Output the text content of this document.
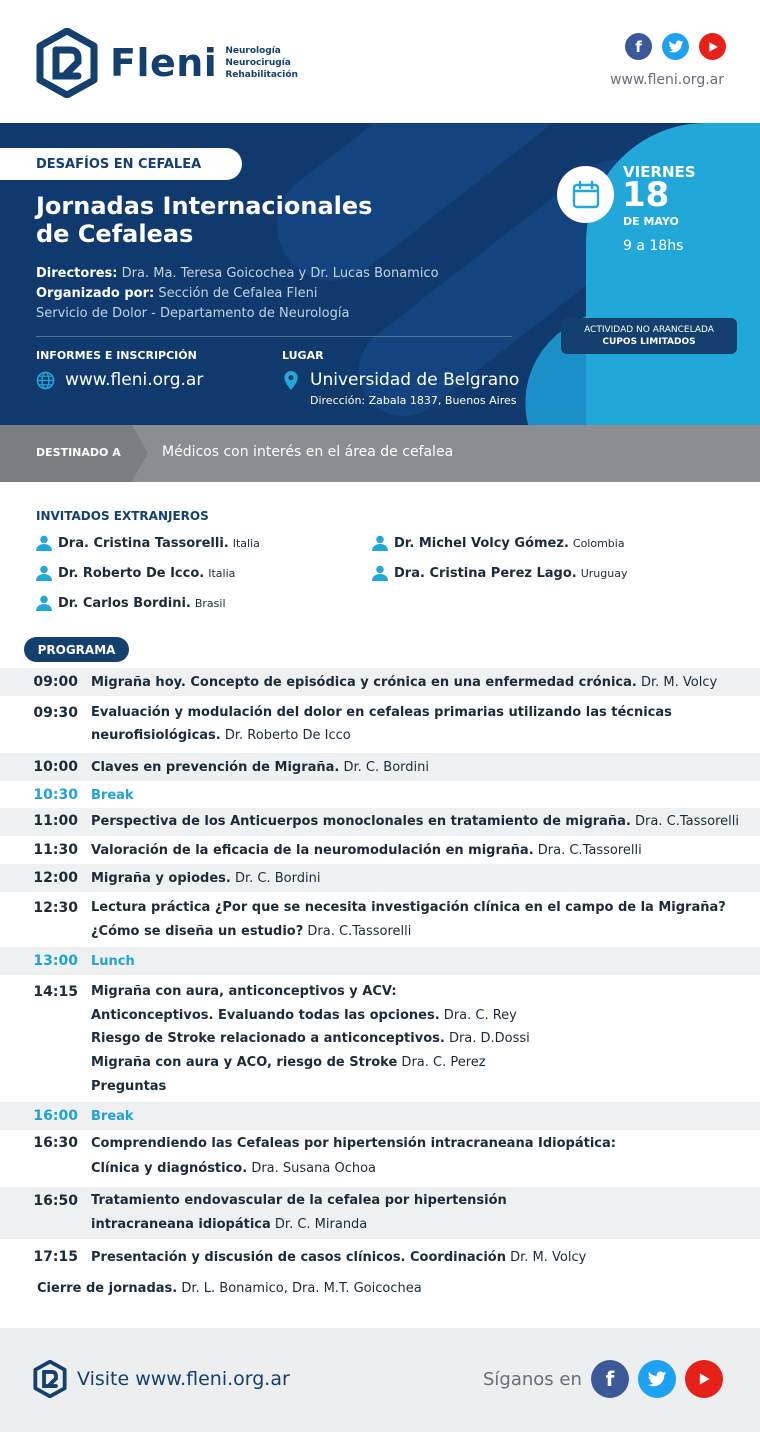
Fleni Neurología
Neurocirugía
Rehabilitación
f
www.fleni.org.ar
DESAFÍOS EN CEFALEA
Jornadas Internacionales
de Cefaleas
Directores: Dra. Ma. Teresa Goicochea y Dr. Lucas Bonamico
Organizado por: Sección de Cefalea Fleni
Servicio de Dolor - Departamento de Neurología
INFORMES E INSCRIPCIÓN
www.fleni.org.ar
LUGAR
Universidad de Belgrano
Dirección: Zabala 1837, Buenos Aires
VIERNES
18
DE MAYO
9 a 18hs
ACTIVIDAD NO ARANCELADA
CUPOS LIMITADOS
DESTINADO A	Médicos con interés en el área de cefalea
INVITADOS EXTRANJEROS
Dra. Cristina Tassorelli. Italia
Dr. Roberto De Icco. Italia
Dr. Carlos Bordini. Brasil
Dr. Michel Volcy Gómez. Colombia
Dra. Cristina Perez Lago. Uruguay
PROGRAMA
09:00 Migraña hoy. Concepto de episódica y crónica en una enfermedad crónica. Dr. M. Volcy
09:30 Evaluación y modulación del dolor en cefaleas primarias utilizando las técnicas
neurofisiológicas. Dr. Roberto De Icco
10:00 Claves en prevención de Migraña. Dr. C. Bordini
10:30 Break
11:00 Perspectiva de los Anticuerpos monoclonales en tratamiento de migraña. Dra. C.Tassorelli
11:30 Valoración de la eficacia de la neuromodulación en migraña. Dra. C.Tassorelli
12:00 Migraña y opiodes. Dr. C. Bordini
12:30 Lectura práctica ¿Por que se necesita investigación clínica en el campo de la Migraña?
¿Cómo se diseña un estudio? Dra. C.Tassorelli
13:00 Lunch
14:15 Migraña con aura, anticonceptivos y ACV:
Anticonceptivos. Evaluando todas las opciones. Dra. C. Rey
Riesgo de Stroke relacionado a anticonceptivos. Dra. D.Dossi
Migraña con aura y ACO, riesgo de Stroke Dra. C. Perez
Preguntas
16:00 Break
16:30 Comprendiendo las Cefaleas por hipertensión intracraneana Idiopática:
Clínica y diagnóstico. Dra. Susana Ochoa
16:50 Tratamiento endovascular de la cefalea por hipertensión
intracraneana idiopática Dr. C. Miranda
17:15 Presentación y discusión de casos clínicos. Coordinación Dr. M. Volcy
Cierre de jornadas. Dr. L. Bonamico, Dra. M.T. Goicochea
Visite www.fleni.org.ar	Síganos en	f
